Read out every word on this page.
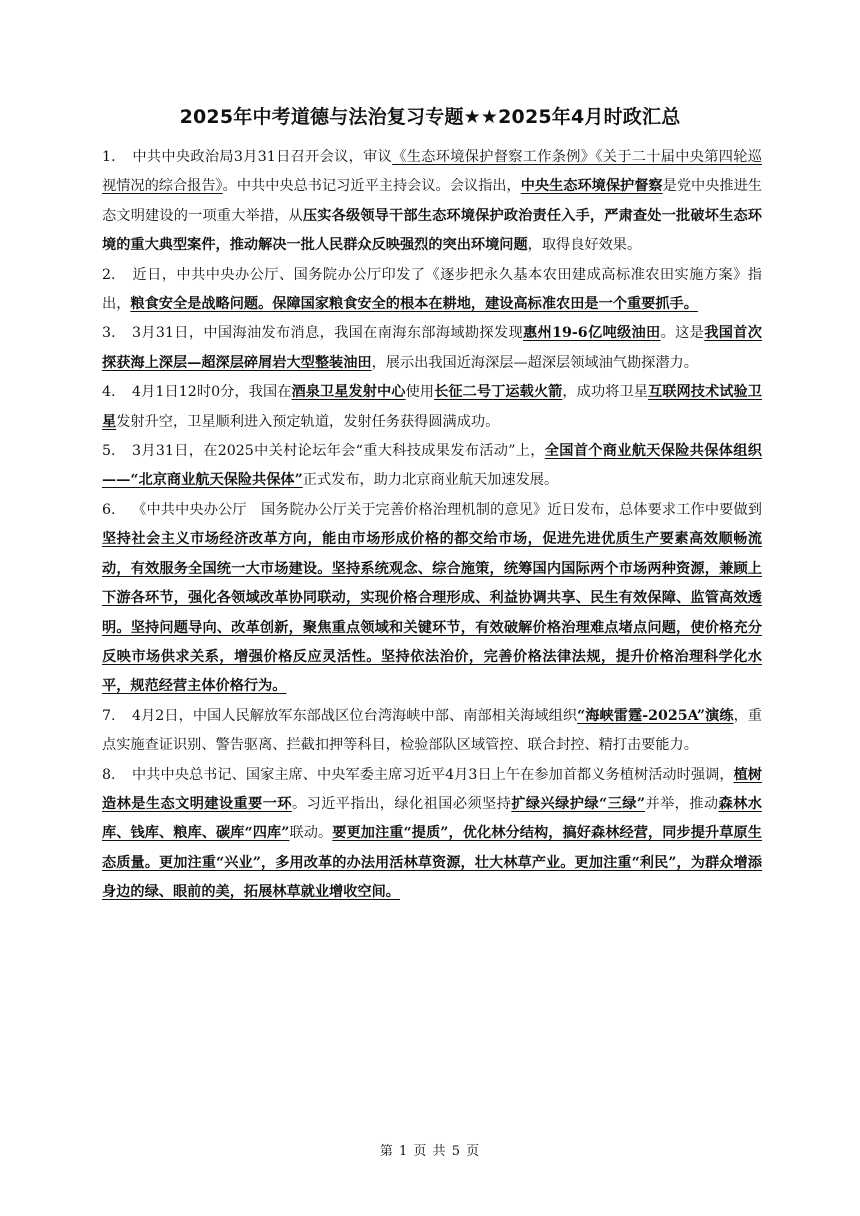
2025年中考道德与法治复习专题★★2025年4月时政汇总

1. 中共中央政治局3月31日召开会议，审议《生态环境保护督察工作条例》《关于二十届中央第四轮巡视情况的综合报告》。中共中央总书记习近平主持会议。会议指出，中央生态环境保护督察是党中央推进生态文明建设的一项重大举措，从压实各级领导干部生态环境保护政治责任入手，严肃查处一批破坏生态环境的重大典型案件，推动解决一批人民群众反映强烈的突出环境问题，取得良好效果。

2. 近日，中共中央办公厅、国务院办公厅印发了《逐步把永久基本农田建成高标准农田实施方案》指出，粮食安全是战略问题。保障国家粮食安全的根本在耕地，建设高标准农田是一个重要抓手。

3. 3月31日，中国海油发布消息，我国在南海东部海域勘探发现惠州19-6亿吨级油田。这是我国首次探获海上深层—超深层碎屑岩大型整装油田，展示出我国近海深层—超深层领域油气勘探潜力。

4. 4月1日12时0分，我国在酒泉卫星发射中心使用长征二号丁运载火箭，成功将卫星互联网技术试验卫星发射升空，卫星顺利进入预定轨道，发射任务获得圆满成功。

5. 3月31日，在2025中关村论坛年会“重大科技成果发布活动”上，全国首个商业航天保险共保体组织——“北京商业航天保险共保体”正式发布，助力北京商业航天加速发展。

6. 《中共中央办公厅　国务院办公厅关于完善价格治理机制的意见》近日发布，总体要求工作中要做到坚持社会主义市场经济改革方向，能由市场形成价格的都交给市场，促进先进优质生产要素高效顺畅流动，有效服务全国统一大市场建设。坚持系统观念、综合施策，统筹国内国际两个市场两种资源，兼顾上下游各环节，强化各领域改革协同联动，实现价格合理形成、利益协调共享、民生有效保障、监管高效透明。坚持问题导向、改革创新，聚焦重点领域和关键环节，有效破解价格治理难点堵点问题，使价格充分反映市场供求关系，增强价格反应灵活性。坚持依法治价，完善价格法律法规，提升价格治理科学化水平，规范经营主体价格行为。

7. 4月2日，中国人民解放军东部战区位台湾海峡中部、南部相关海域组织“海峡雷霆-2025A”演练，重点实施查证识别、警告驱离、拦截扣押等科目，检验部队区域管控、联合封控、精打击要能力。

8. 中共中央总书记、国家主席、中央军委主席习近平4月3日上午在参加首都义务植树活动时强调，植树造林是生态文明建设重要一环。习近平指出，绿化祖国必须坚持扩绿兴绿护绿“三绿”并举，推动森林水库、钱库、粮库、碳库“四库”联动。要更加注重“提质”，优化林分结构，搞好森林经营，同步提升草原生态质量。更加注重“兴业”，多用改革的办法用活林草资源，壮大林草产业。更加注重“利民”，为群众增添身边的绿、眼前的美，拓展林草就业增收空间。

第 1 页 共 5 页
